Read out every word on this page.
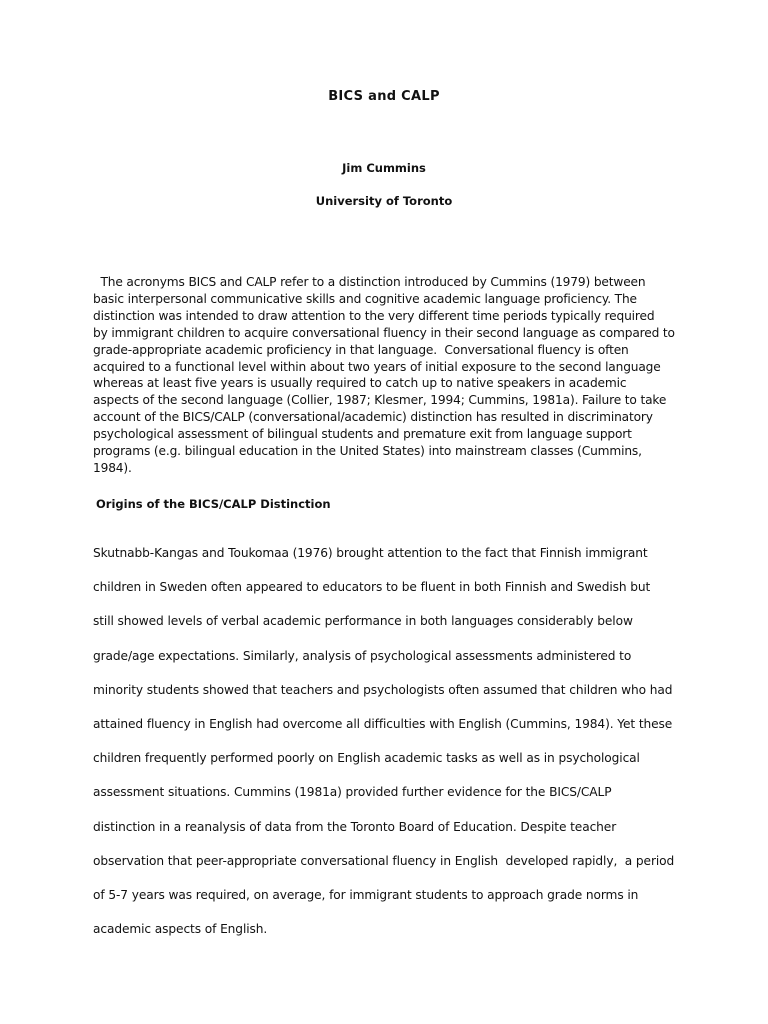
BICS and CALP
Jim Cummins
University of Toronto

The acronyms BICS and CALP refer to a distinction introduced by Cummins (1979) between
basic interpersonal communicative skills and cognitive academic language proficiency. The
distinction was intended to draw attention to the very different time periods typically required
by immigrant children to acquire conversational fluency in their second language as compared to
grade-appropriate academic proficiency in that language.  Conversational fluency is often
acquired to a functional level within about two years of initial exposure to the second language
whereas at least five years is usually required to catch up to native speakers in academic
aspects of the second language (Collier, 1987; Klesmer, 1994; Cummins, 1981a). Failure to take
account of the BICS/CALP (conversational/academic) distinction has resulted in discriminatory
psychological assessment of bilingual students and premature exit from language support
programs (e.g. bilingual education in the United States) into mainstream classes (Cummins,
1984).

Origins of the BICS/CALP Distinction

Skutnabb-Kangas and Toukomaa (1976) brought attention to the fact that Finnish immigrant
children in Sweden often appeared to educators to be fluent in both Finnish and Swedish but
still showed levels of verbal academic performance in both languages considerably below
grade/age expectations. Similarly, analysis of psychological assessments administered to
minority students showed that teachers and psychologists often assumed that children who had
attained fluency in English had overcome all difficulties with English (Cummins, 1984). Yet these
children frequently performed poorly on English academic tasks as well as in psychological
assessment situations. Cummins (1981a) provided further evidence for the BICS/CALP
distinction in a reanalysis of data from the Toronto Board of Education. Despite teacher
observation that peer-appropriate conversational fluency in English  developed rapidly,  a period
of 5-7 years was required, on average, for immigrant students to approach grade norms in
academic aspects of English.
